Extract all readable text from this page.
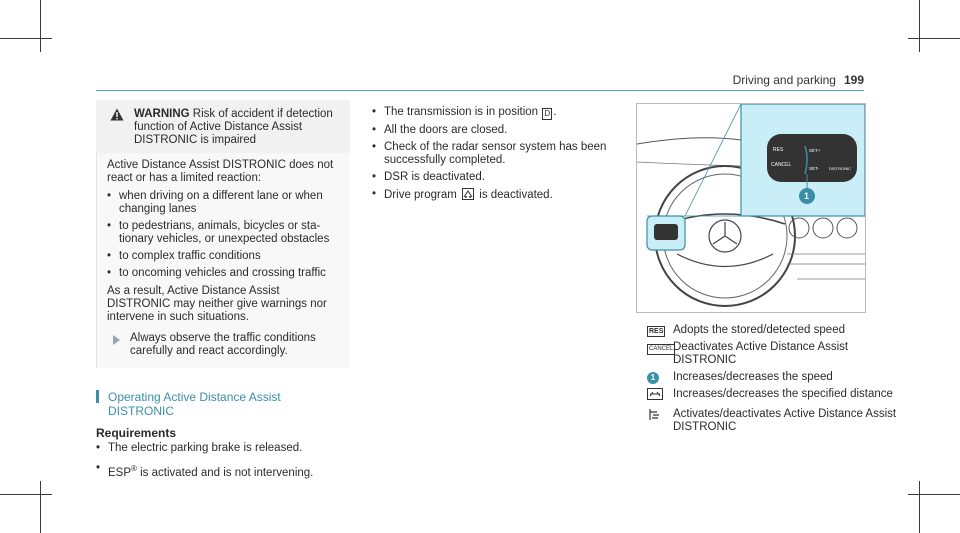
Driving and parking 199
WARNING Risk of accident if detection function of Active Distance Assist DISTRONIC is impaired

Active Distance Assist DISTRONIC does not react or has a limited reaction:

• when driving on a different lane or when changing lanes
• to pedestrians, animals, bicycles or stationary vehicles, or unexpected obstacles
• to complex traffic conditions
• to oncoming vehicles and crossing traffic

As a result, Active Distance Assist DISTRONIC may neither give warnings nor intervene in such situations.

Always observe the traffic conditions carefully and react accordingly.
Operating Active Distance Assist DISTRONIC
Requirements
• The electric parking brake is released.
• ESP® is activated and is not intervening.
• The transmission is in position D .
• All the doors are closed.
• Check of the radar sensor system has been successfully completed.
• DSR is deactivated.
• Drive program  is deactivated.
RES
CANCEL
SET+
SET- DISTRONIC
1
RES Adopts the stored/detected speed
CANCEL Deactivates Active Distance Assist DISTRONIC
1	Increases/decreases the speed
Increases/decreases the specified distance
Activates/deactivates Active Distance Assist DISTRONIC
